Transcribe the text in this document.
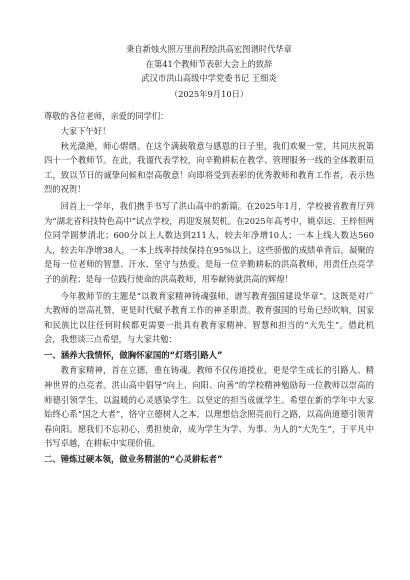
秉自新烛火照万里前程绘洪高宏图谱时代华章

在第41个教师节表彰大会上的致辞

武汉市洪山高级中学党委书记 王细炎

（2025年9月10日）

尊敬的各位老师，亲爱的同学们：

大家下午好！

秋光潋滟，师心熠熠。在这个满载敬意与感恩的日子里，我们欢聚一堂，共同庆祝第四十一个教师节。在此，我谨代表学校，向辛勤耕耘在教学、管理服务一线的全体教职员工，致以节日的诚挚问候和崇高敬意！向即将受到表彰的优秀教师和教育工作者，表示热烈的祝贺！

回首上一学年，我们携手书写了洪山高中的新篇。在2025年1月，学校被省教育厅列为“湖北省科技特色高中”试点学校，再迎发展契机。在2025年高考中，姚卓远、王梓恒两位同学圆梦清北；600分以上人数达到211人，较去年净增10人；一本上线人数达560人，较去年净增38人，一本上线率持续保持在95%以上。这些骄傲的成绩单背后，凝聚的是每一位老师的智慧、汗水、坚守与热爱。是每一位辛勤耕耘的洪高教师，用责任点亮学子的前程；是每一位践行使命的洪高教师，用奉献铸就洪高的辉煌！

今年教师节的主题是“以教育家精神铸魂强师，谱写教育强国建设华章”。这既是对广大教师的崇高礼赞，更是时代赋予教育工作的神圣职责。教育强国的号角已经吹响，国家和民族比以往任何时候都更需要一批具有教育家精神、智慧和担当的“大先生”。借此机会，我想谈三点希望，与大家共勉：

一、涵养大我情怀，做胸怀家国的“灯塔引路人”

教育家精神，首在立德，重在铸魂。教师不仅传道授业，更是学生成长的引路人、精神世界的点亮者。洪山高中倡导“向上、向阳、向善”的学校精神勉励每一位教师以崇高的师德引领学生，以温暖的心灵感染学生。以坚定的担当成就学生。希望在新的学年中大家始终心系“国之大者”，恪守立德树人之本，以理想信念照亮前行之路，以高尚道德引领青春向阳。愿我们不忘初心，勇担使命，成为学生为学、为事、为人的“大先生”，于平凡中书写卓越，在耕耘中实现价值。

二、锤炼过硬本领，做业务精湛的“心灵耕耘者”
